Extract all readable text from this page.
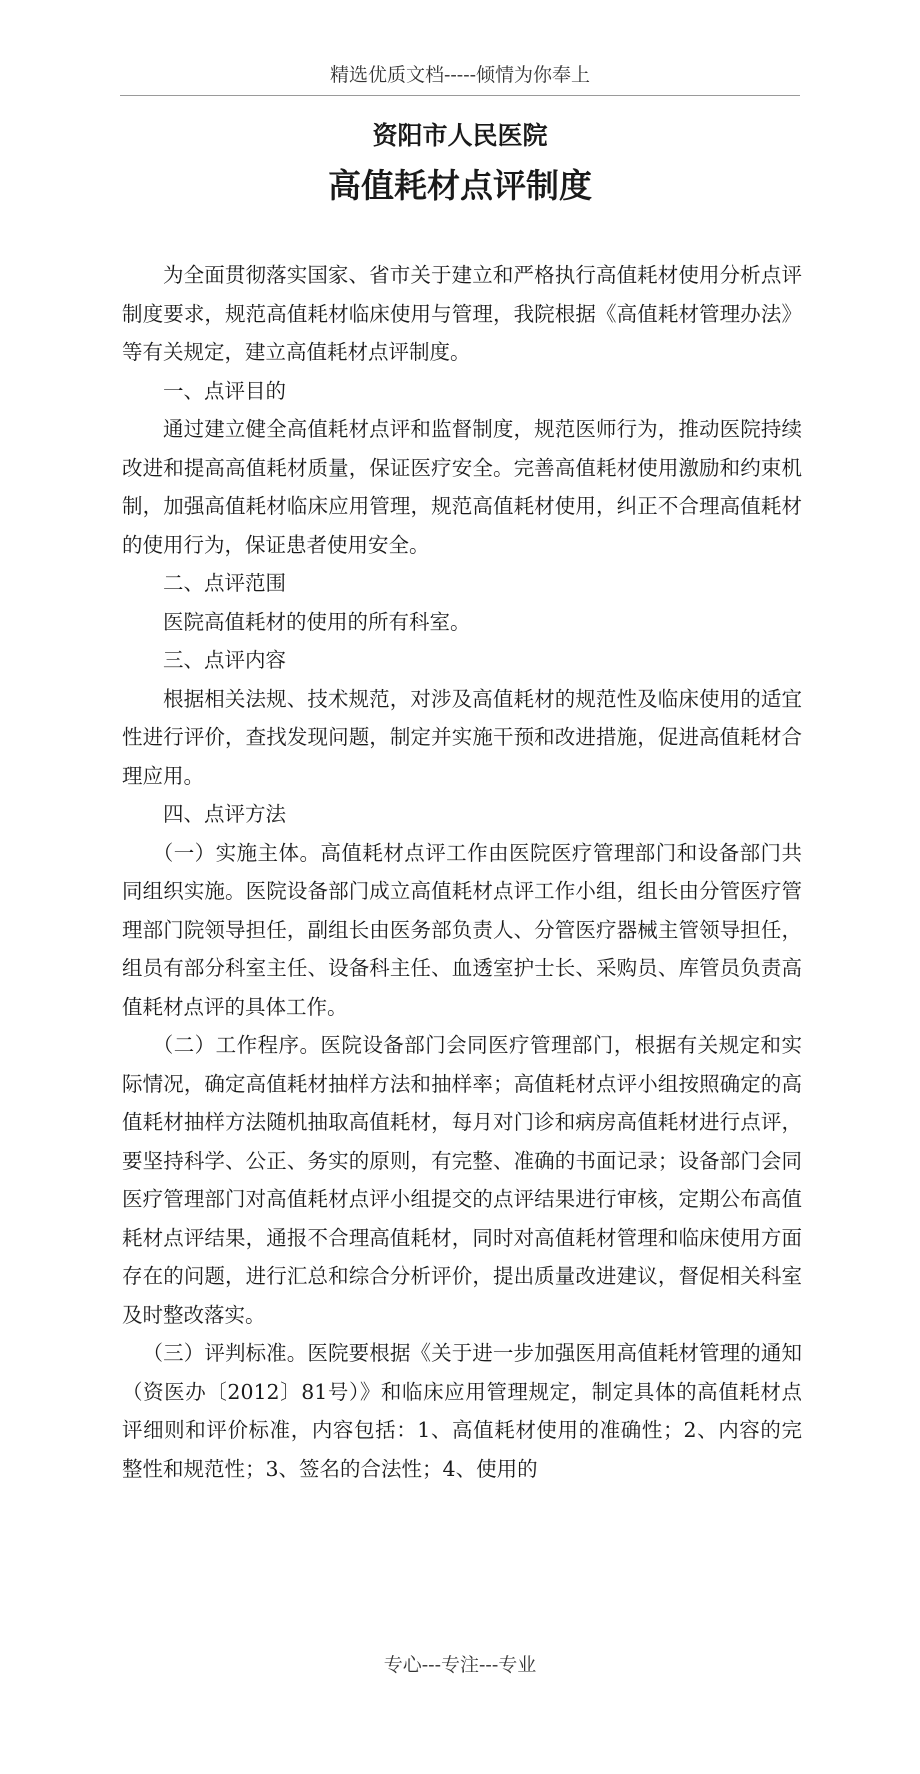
精选优质文档-----倾情为你奉上
资阳市人民医院
高值耗材点评制度

为全面贯彻落实国家、省市关于建立和严格执行高值耗材使用分析点评制度要求，规范高值耗材临床使用与管理，我院根据《高值耗材管理办法》等有关规定，建立高值耗材点评制度。

一、点评目的

通过建立健全高值耗材点评和监督制度，规范医师行为，推动医院持续改进和提高高值耗材质量，保证医疗安全。完善高值耗材使用激励和约束机制，加强高值耗材临床应用管理，规范高值耗材使用，纠正不合理高值耗材的使用行为，保证患者使用安全。

二、点评范围

医院高值耗材的使用的所有科室。

三、点评内容

根据相关法规、技术规范，对涉及高值耗材的规范性及临床使用的适宜性进行评价，查找发现问题，制定并实施干预和改进措施，促进高值耗材合理应用。

四、点评方法

（一）实施主体。高值耗材点评工作由医院医疗管理部门和设备部门共同组织实施。医院设备部门成立高值耗材点评工作小组，组长由分管医疗管理部门院领导担任，副组长由医务部负责人、分管医疗器械主管领导担任，组员有部分科室主任、设备科主任、血透室护士长、采购员、库管员负责高值耗材点评的具体工作。

（二）工作程序。医院设备部门会同医疗管理部门，根据有关规定和实际情况，确定高值耗材抽样方法和抽样率；高值耗材点评小组按照确定的高值耗材抽样方法随机抽取高值耗材，每月对门诊和病房高值耗材进行点评，要坚持科学、公正、务实的原则，有完整、准确的书面记录；设备部门会同医疗管理部门对高值耗材点评小组提交的点评结果进行审核，定期公布高值耗材点评结果，通报不合理高值耗材，同时对高值耗材管理和临床使用方面存在的问题，进行汇总和综合分析评价，提出质量改进建议，督促相关科室及时整改落实。

（三）评判标准。医院要根据《关于进一步加强医用高值耗材管理的通知（资医办〔2012〕81号）》和临床应用管理规定，制定具体的高值耗材点评细则和评价标准，内容包括：1、高值耗材使用的准确性；2、内容的完整性和规范性；3、签名的合法性；4、使用的

专心---专注---专业
